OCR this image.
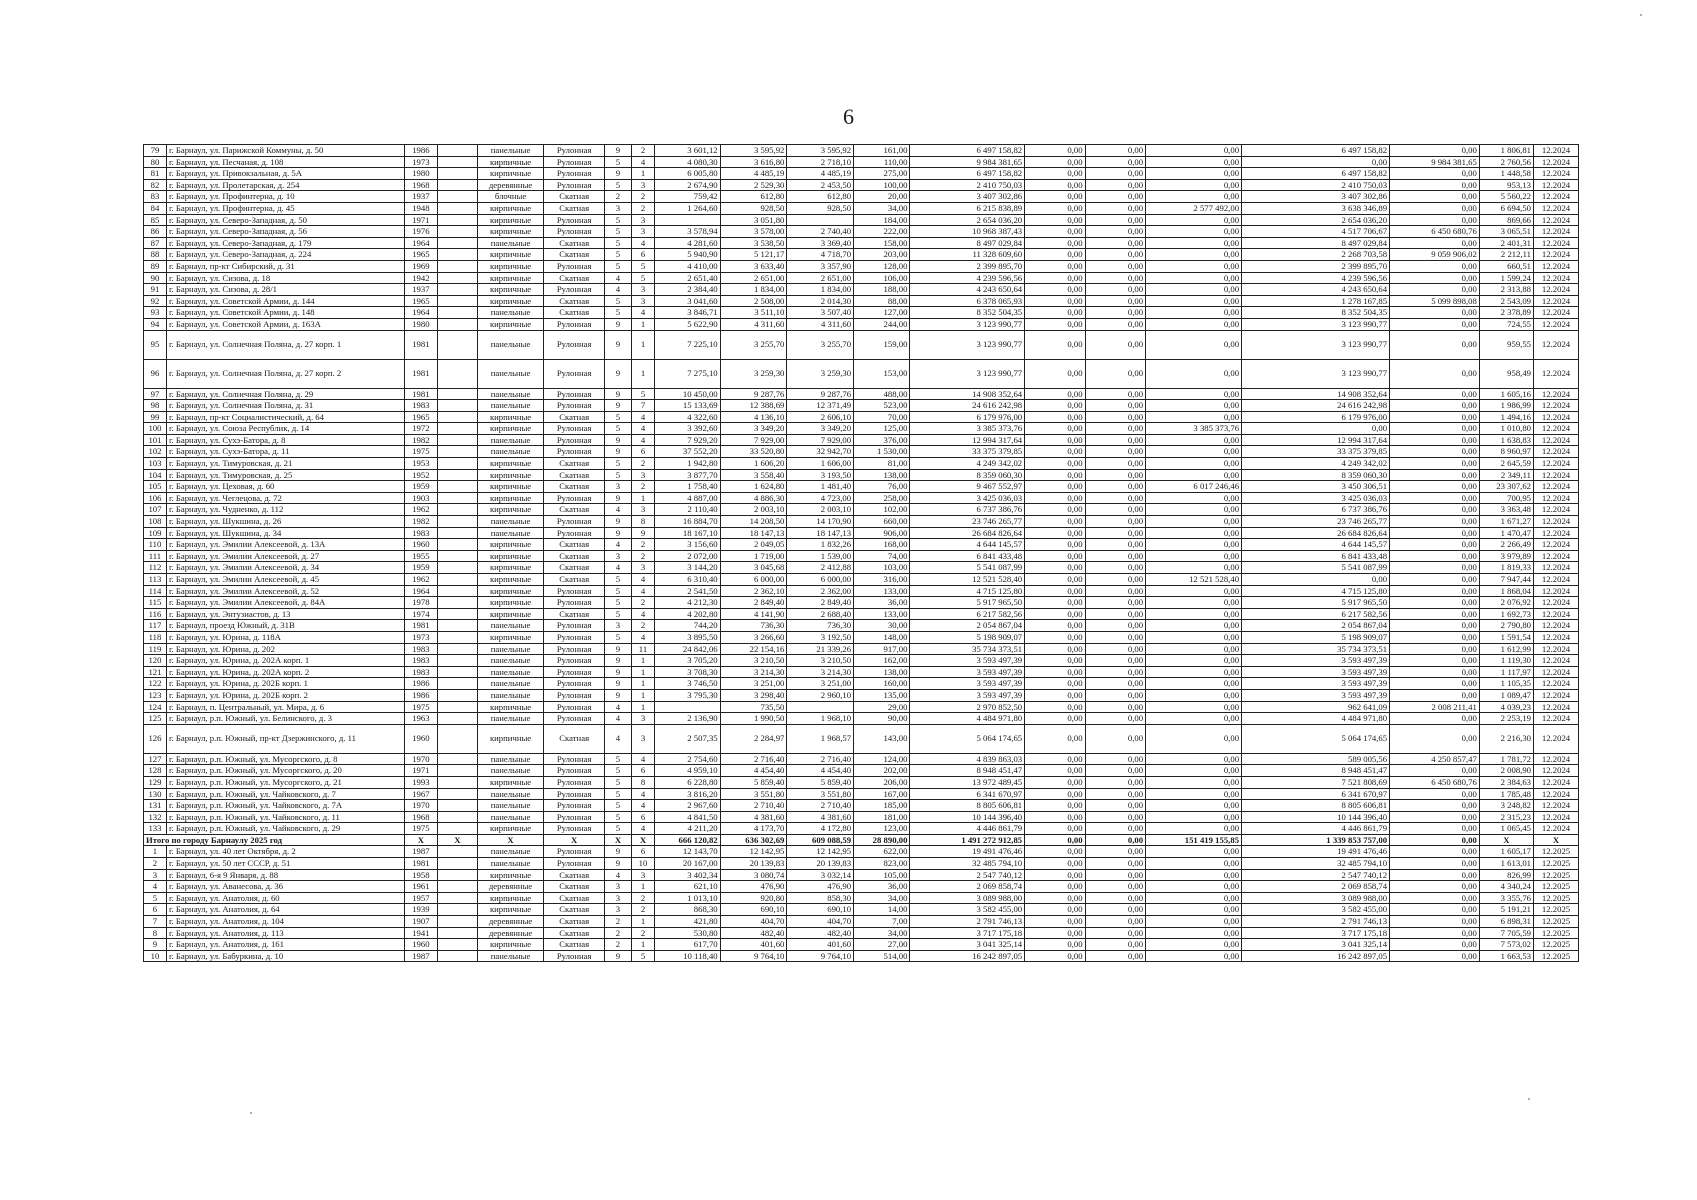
6
79	г. Барнаул, ул. Парижской Коммуны, д. 50	1986		панельные	Рулонная	9	2	3 601,12	3 595,92	3 595,92	161,00	6 497 158,82	0,00	0,00	0,00	6 497 158,82	0,00	1 806,81	12.2024
80	г. Барнаул, ул. Песчаная, д. 108	1973		кирпичные	Рулонная	5	4	4 080,30	3 616,80	2 718,10	110,00	9 984 381,65	0,00	0,00	0,00	0,00	9 984 381,65	2 760,56	12.2024
81	г. Барнаул, ул. Привокзальная, д. 5А	1980		кирпичные	Рулонная	9	1	6 005,80	4 485,19	4 485,19	275,00	6 497 158,82	0,00	0,00	0,00	6 497 158,82	0,00	1 448,58	12.2024
82	г. Барнаул, ул. Пролетарская, д. 254	1968		деревянные	Рулонная	5	3	2 674,90	2 529,30	2 453,50	100,00	2 410 750,03	0,00	0,00	0,00	2 410 750,03	0,00	953,13	12.2024
83	г. Барнаул, ул. Профинтерна, д. 10	1937		блочные	Скатная	2	2	759,42	612,80	612,80	20,00	3 407 302,86	0,00	0,00	0,00	3 407 302,86	0,00	5 560,22	12.2024
84	г. Барнаул, ул. Профинтерна, д. 45	1948		кирпичные	Скатная	3	2	1 264,60	928,50	928,50	34,00	6 215 838,89	0,00	0,00	2 577 492,00	3 638 346,89	0,00	6 694,50	12.2024
85	г. Барнаул, ул. Северо-Западная, д. 50	1971		кирпичные	Рулонная	5	3		3 051,80		184,00	2 654 036,20	0,00	0,00	0,00	2 654 036,20	0,00	869,66	12.2024
86	г. Барнаул, ул. Северо-Западная, д. 56	1976		кирпичные	Рулонная	5	3	3 578,94	3 578,00	2 740,40	222,00	10 968 387,43	0,00	0,00	0,00	4 517 706,67	6 450 680,76	3 065,51	12.2024
87	г. Барнаул, ул. Северо-Западная, д. 179	1964		панельные	Скатная	5	4	4 281,60	3 538,50	3 369,40	158,00	8 497 029,84	0,00	0,00	0,00	8 497 029,84	0,00	2 401,31	12.2024
88	г. Барнаул, ул. Северо-Западная, д. 224	1965		кирпичные	Скатная	5	6	5 940,90	5 121,17	4 718,70	203,00	11 328 609,60	0,00	0,00	0,00	2 268 703,58	9 059 906,02	2 212,11	12.2024
89	г. Барнаул, пр-кт Сибирский, д. 31	1969		кирпичные	Рулонная	5	5	4 410,00	3 633,40	3 357,90	128,00	2 399 895,70	0,00	0,00	0,00	2 399 895,70	0,00	660,51	12.2024
90	г. Барнаул, ул. Сизова, д. 18	1942		кирпичные	Скатная	4	5	2 651,40	2 651,00	2 651,00	106,00	4 239 596,56	0,00	0,00	0,00	4 239 596,56	0,00	1 599,24	12.2024
91	г. Барнаул, ул. Сизова, д. 28/1	1937		кирпичные	Рулонная	4	3	2 384,40	1 834,00	1 834,00	188,00	4 243 650,64	0,00	0,00	0,00	4 243 650,64	0,00	2 313,88	12.2024
92	г. Барнаул, ул. Советской Армии, д. 144	1965		кирпичные	Скатная	5	3	3 041,60	2 508,00	2 014,30	88,00	6 378 065,93	0,00	0,00	0,00	1 278 167,85	5 099 898,08	2 543,09	12.2024
93	г. Барнаул, ул. Советской Армии, д. 148	1964		панельные	Скатная	5	4	3 846,71	3 511,10	3 507,40	127,00	8 352 504,35	0,00	0,00	0,00	8 352 504,35	0,00	2 378,89	12.2024
94	г. Барнаул, ул. Советской Армии, д. 163А	1980		кирпичные	Рулонная	9	1	5 622,90	4 311,60	4 311,60	244,00	3 123 990,77	0,00	0,00	0,00	3 123 990,77	0,00	724,55	12.2024
95	г. Барнаул, ул. Солнечная Поляна, д. 27 корп. 1	1981		панельные	Рулонная	9	1	7 225,10	3 255,70	3 255,70	159,00	3 123 990,77	0,00	0,00	0,00	3 123 990,77	0,00	959,55	12.2024
96	г. Барнаул, ул. Солнечная Поляна, д. 27 корп. 2	1981		панельные	Рулонная	9	1	7 275,10	3 259,30	3 259,30	153,00	3 123 990,77	0,00	0,00	0,00	3 123 990,77	0,00	958,49	12.2024
97	г. Барнаул, ул. Солнечная Поляна, д. 29	1981		панельные	Рулонная	9	5	10 450,00	9 287,76	9 287,76	488,00	14 908 352,64	0,00	0,00	0,00	14 908 352,64	0,00	1 605,16	12.2024
98	г. Барнаул, ул. Солнечная Поляна, д. 31	1983		панельные	Рулонная	9	7	15 133,69	12 388,69	12 371,49	523,00	24 616 242,98	0,00	0,00	0,00	24 616 242,98	0,00	1 986,99	12.2024
99	г. Барнаул, пр-кт Социалистический, д. 64	1965		кирпичные	Скатная	5	4	4 322,60	4 136,10	2 606,10	70,00	6 179 976,00	0,00	0,00	0,00	6 179 976,00	0,00	1 494,16	12.2024
100	г. Барнаул, ул. Союза Республик, д. 14	1972		кирпичные	Рулонная	5	4	3 392,60	3 349,20	3 349,20	125,00	3 385 373,76	0,00	0,00	3 385 373,76	0,00	0,00	1 010,80	12.2024
101	г. Барнаул, ул. Сухэ-Батора, д. 8	1982		панельные	Рулонная	9	4	7 929,20	7 929,00	7 929,00	376,00	12 994 317,64	0,00	0,00	0,00	12 994 317,64	0,00	1 638,83	12.2024
102	г. Барнаул, ул. Сухэ-Батора, д. 11	1975		панельные	Рулонная	9	6	37 552,20	33 520,80	32 942,70	1 530,00	33 375 379,85	0,00	0,00	0,00	33 375 379,85	0,00	8 960,97	12.2024
103	г. Барнаул, ул. Тимуровская, д. 21	1953		кирпичные	Скатная	5	2	1 942,80	1 606,20	1 606,00	81,00	4 249 342,02	0,00	0,00	0,00	4 249 342,02	0,00	2 645,59	12.2024
104	г. Барнаул, ул. Тимуровская, д. 25	1952		кирпичные	Скатная	5	3	3 877,70	3 558,40	3 193,50	138,00	8 359 060,30	0,00	0,00	0,00	8 359 060,30	0,00	2 349,11	12.2024
105	г. Барнаул, ул. Цеховая, д. 60	1959		кирпичные	Скатная	3	2	1 758,40	1 624,80	1 481,40	76,00	9 467 552,97	0,00	0,00	6 017 246,46	3 450 306,51	0,00	23 307,62	12.2024
106	г. Барнаул, ул. Чеглецова, д. 72	1903		кирпичные	Рулонная	9	1	4 887,00	4 886,30	4 723,00	258,00	3 425 036,03	0,00	0,00	0,00	3 425 036,03	0,00	700,95	12.2024
107	г. Барнаул, ул. Чудненко, д. 112	1962		кирпичные	Скатная	4	3	2 110,40	2 003,10	2 003,10	102,00	6 737 386,76	0,00	0,00	0,00	6 737 386,76	0,00	3 363,48	12.2024
108	г. Барнаул, ул. Шукшина, д. 26	1982		панельные	Рулонная	9	8	16 884,70	14 208,50	14 170,90	660,00	23 746 265,77	0,00	0,00	0,00	23 746 265,77	0,00	1 671,27	12.2024
109	г. Барнаул, ул. Шукшина, д. 34	1983		панельные	Рулонная	9	9	18 167,10	18 147,13	18 147,13	906,00	26 684 826,64	0,00	0,00	0,00	26 684 826,64	0,00	1 470,47	12.2024
110	г. Барнаул, ул. Эмилии Алексеевой, д. 13А	1960		кирпичные	Скатная	4	2	3 156,60	2 049,05	1 832,26	168,00	4 644 145,57	0,00	0,00	0,00	4 644 145,57	0,00	2 266,49	12.2024
111	г. Барнаул, ул. Эмилии Алексеевой, д. 27	1955		кирпичные	Скатная	3	2	2 072,00	1 719,00	1 539,00	74,00	6 841 433,48	0,00	0,00	0,00	6 841 433,48	0,00	3 979,89	12.2024
112	г. Барнаул, ул. Эмилии Алексеевой, д. 34	1959		кирпичные	Скатная	4	3	3 144,20	3 045,68	2 412,88	103,00	5 541 087,99	0,00	0,00	0,00	5 541 087,99	0,00	1 819,33	12.2024
113	г. Барнаул, ул. Эмилии Алексеевой, д. 45	1962		кирпичные	Скатная	5	4	6 310,40	6 000,00	6 000,00	316,00	12 521 528,40	0,00	0,00	12 521 528,40	0,00	0,00	7 947,44	12.2024
114	г. Барнаул, ул. Эмилии Алексеевой, д. 52	1964		кирпичные	Рулонная	5	4	2 541,50	2 362,10	2 362,00	133,00	4 715 125,80	0,00	0,00	0,00	4 715 125,80	0,00	1 868,04	12.2024
115	г. Барнаул, ул. Эмилии Алексеевой, д. 84А	1978		кирпичные	Рулонная	5	2	4 212,30	2 849,40	2 849,40	36,00	5 917 965,50	0,00	0,00	0,00	5 917 965,50	0,00	2 076,92	12.2024
116	г. Барнаул, ул. Энтузиастов, д. 13	1974		кирпичные	Скатная	5	4	4 202,80	4 141,90	2 688,40	133,00	6 217 582,56	0,00	0,00	0,00	6 217 582,56	0,00	1 692,73	12.2024
117	г. Барнаул, проезд Южный, д. 31В	1981		панельные	Рулонная	3	2	744,20	736,30	736,30	30,00	2 054 867,04	0,00	0,00	0,00	2 054 867,04	0,00	2 790,80	12.2024
118	г. Барнаул, ул. Юрина, д. 118А	1973		кирпичные	Рулонная	5	4	3 895,50	3 266,60	3 192,50	148,00	5 198 909,07	0,00	0,00	0,00	5 198 909,07	0,00	1 591,54	12.2024
119	г. Барнаул, ул. Юрина, д. 202	1983		панельные	Рулонная	9	11	24 842,06	22 154,16	21 339,26	917,00	35 734 373,51	0,00	0,00	0,00	35 734 373,51	0,00	1 612,99	12.2024
120	г. Барнаул, ул. Юрина, д. 202А корп. 1	1983		панельные	Рулонная	9	1	3 705,20	3 210,50	3 210,50	162,00	3 593 497,39	0,00	0,00	0,00	3 593 497,39	0,00	1 119,30	12.2024
121	г. Барнаул, ул. Юрина, д. 202А корп. 2	1983		панельные	Рулонная	9	1	3 708,30	3 214,30	3 214,30	138,00	3 593 497,39	0,00	0,00	0,00	3 593 497,39	0,00	1 117,97	12.2024
122	г. Барнаул, ул. Юрина, д. 202Б корп. 1	1986		панельные	Рулонная	9	1	3 746,50	3 251,00	3 251,00	160,00	3 593 497,39	0,00	0,00	0,00	3 593 497,39	0,00	1 105,35	12.2024
123	г. Барнаул, ул. Юрина, д. 202Б корп. 2	1986		панельные	Рулонная	9	1	3 795,30	3 298,40	2 960,10	135,00	3 593 497,39	0,00	0,00	0,00	3 593 497,39	0,00	1 089,47	12.2024
124	г. Барнаул, п. Центральный, ул. Мира, д. 6	1975		кирпичные	Рулонная	4	1		735,50		29,00	2 970 852,50	0,00	0,00	0,00	962 641,09	2 008 211,41	4 039,23	12.2024
125	г. Барнаул, р.п. Южный, ул. Белинского, д. 3	1963		панельные	Рулонная	4	3	2 136,90	1 990,50	1 968,10	90,00	4 484 971,80	0,00	0,00	0,00	4 484 971,80	0,00	2 253,19	12.2024
126	г. Барнаул, р.п. Южный, пр-кт Дзержинского, д. 11	1960		кирпичные	Скатная	4	3	2 507,35	2 284,97	1 968,57	143,00	5 064 174,65	0,00	0,00	0,00	5 064 174,65	0,00	2 216,30	12.2024
127	г. Барнаул, р.п. Южный, ул. Мусоргского, д. 8	1970		панельные	Рулонная	5	4	2 754,60	2 716,40	2 716,40	124,00	4 839 863,03	0,00	0,00	0,00	589 005,56	4 250 857,47	1 781,72	12.2024
128	г. Барнаул, р.п. Южный, ул. Мусоргского, д. 20	1971		панельные	Рулонная	5	6	4 959,10	4 454,40	4 454,40	202,00	8 948 451,47	0,00	0,00	0,00	8 948 451,47	0,00	2 008,90	12.2024
129	г. Барнаул, р.п. Южный, ул. Мусоргского, д. 21	1993		кирпичные	Рулонная	5	8	6 228,80	5 859,40	5 859,40	206,00	13 972 489,45	0,00	0,00	0,00	7 521 808,69	6 450 680,76	2 384,63	12.2024
130	г. Барнаул, р.п. Южный, ул. Чайковского, д. 7	1967		панельные	Рулонная	5	4	3 816,20	3 551,80	3 551,80	167,00	6 341 670,97	0,00	0,00	0,00	6 341 670,97	0,00	1 785,48	12.2024
131	г. Барнаул, р.п. Южный, ул. Чайковского, д. 7А	1970		панельные	Рулонная	5	4	2 967,60	2 710,40	2 710,40	185,00	8 805 606,81	0,00	0,00	0,00	8 805 606,81	0,00	3 248,82	12.2024
132	г. Барнаул, р.п. Южный, ул. Чайковского, д. 11	1968		панельные	Рулонная	5	6	4 841,50	4 381,60	4 381,60	181,00	10 144 396,40	0,00	0,00	0,00	10 144 396,40	0,00	2 315,23	12.2024
133	г. Барнаул, р.п. Южный, ул. Чайковского, д. 29	1975		кирпичные	Рулонная	5	4	4 211,20	4 173,70	4 172,80	123,00	4 446 861,79	0,00	0,00	0,00	4 446 861,79	0,00	1 065,45	12.2024
Итого по городу Барнаулу 2025 год		X	X	X	X	X	X	666 120,82	636 302,69	609 088,59	28 890,00	1 491 272 912,85	0,00	0,00	151 419 155,85	1 339 853 757,00	0,00	X	X
1	г. Барнаул, ул. 40 лет Октября, д. 2	1987		панельные	Рулонная	9	6	12 143,70	12 142,95	12 142,95	622,00	19 491 476,46	0,00	0,00	0,00	19 491 476,46	0,00	1 605,17	12.2025
2	г. Барнаул, ул. 50 лет СССР, д. 51	1981		панельные	Рулонная	9	10	20 167,00	20 139,83	20 139,83	823,00	32 485 794,10	0,00	0,00	0,00	32 485 794,10	0,00	1 613,01	12.2025
3	г. Барнаул, 6-я 9 Января, д. 88	1958		кирпичные	Скатная	4	3	3 402,34	3 080,74	3 032,14	105,00	2 547 740,12	0,00	0,00	0,00	2 547 740,12	0,00	826,99	12.2025
4	г. Барнаул, ул. Аванесова, д. 36	1961		деревянные	Скатная	3	1	621,10	476,90	476,90	36,00	2 069 858,74	0,00	0,00	0,00	2 069 858,74	0,00	4 340,24	12.2025
5	г. Барнаул, ул. Анатолия, д. 60	1957		кирпичные	Скатная	3	2	1 013,10	920,80	858,30	34,00	3 089 988,00	0,00	0,00	0,00	3 089 988,00	0,00	3 355,76	12.2025
6	г. Барнаул, ул. Анатолия, д. 64	1939		кирпичные	Скатная	3	2	868,30	690,10	690,10	14,00	3 582 455,00	0,00	0,00	0,00	3 582 455,00	0,00	5 191,21	12.2025
7	г. Барнаул, ул. Анатолия, д. 104	1907		деревянные	Скатная	2	1	421,80	404,70	404,70	7,00	2 791 746,13	0,00	0,00	0,00	2 791 746,13	0,00	6 898,31	12.2025
8	г. Барнаул, ул. Анатолия, д. 113	1941		деревянные	Скатная	2	2	530,80	482,40	482,40	34,00	3 717 175,18	0,00	0,00	0,00	3 717 175,18	0,00	7 705,59	12.2025
9	г. Барнаул, ул. Анатолия, д. 161	1960		кирпичные	Скатная	2	1	617,70	401,60	401,60	27,00	3 041 325,14	0,00	0,00	0,00	3 041 325,14	0,00	7 573,02	12.2025
10	г. Барнаул, ул. Бабуркина, д. 10	1987		панельные	Рулонная	9	5	10 118,40	9 764,10	9 764,10	514,00	16 242 897,05	0,00	0,00	0,00	16 242 897,05	0,00	1 663,53	12.2025
